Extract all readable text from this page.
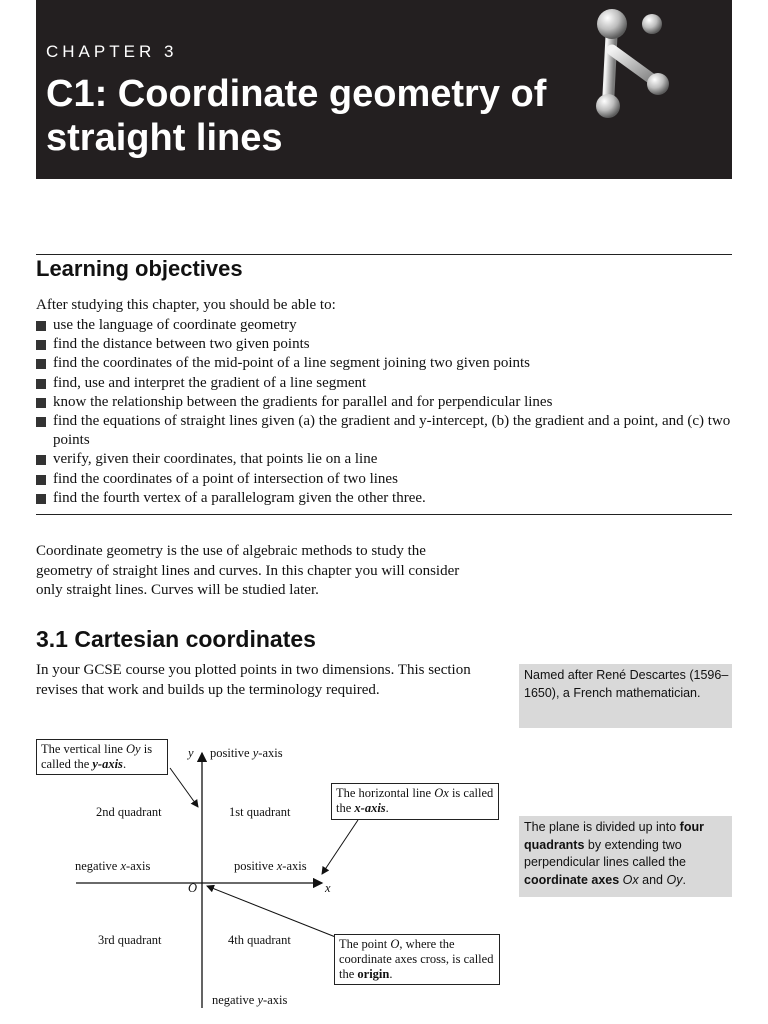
CHAPTER 3
C1: Coordinate geometry of straight lines
Learning objectives
After studying this chapter, you should be able to:
use the language of coordinate geometry
find the distance between two given points
find the coordinates of the mid-point of a line segment joining two given points
find, use and interpret the gradient of a line segment
know the relationship between the gradients for parallel and for perpendicular lines
find the equations of straight lines given (a) the gradient and y-intercept, (b) the gradient and a point, and (c) two points
verify, given their coordinates, that points lie on a line
find the coordinates of a point of intersection of two lines
find the fourth vertex of a parallelogram given the other three.
Coordinate geometry is the use of algebraic methods to study the geometry of straight lines and curves. In this chapter you will consider only straight lines. Curves will be studied later.
3.1 Cartesian coordinates
In your GCSE course you plotted points in two dimensions. This section revises that work and builds up the terminology required.
Named after René Descartes (1596–1650), a French mathematician.
The plane is divided up into four quadrants by extending two perpendicular lines called the coordinate axes Ox and Oy.
y positive y-axis
2nd quadrant	1st quadrant
negative x-axis	positive x-axis
O	x
3rd quadrant	4th quadrant
negative y-axis
The vertical line Oy is called the y-axis.
The horizontal line Ox is called the x-axis.
The point O, where the coordinate axes cross, is called the origin.
